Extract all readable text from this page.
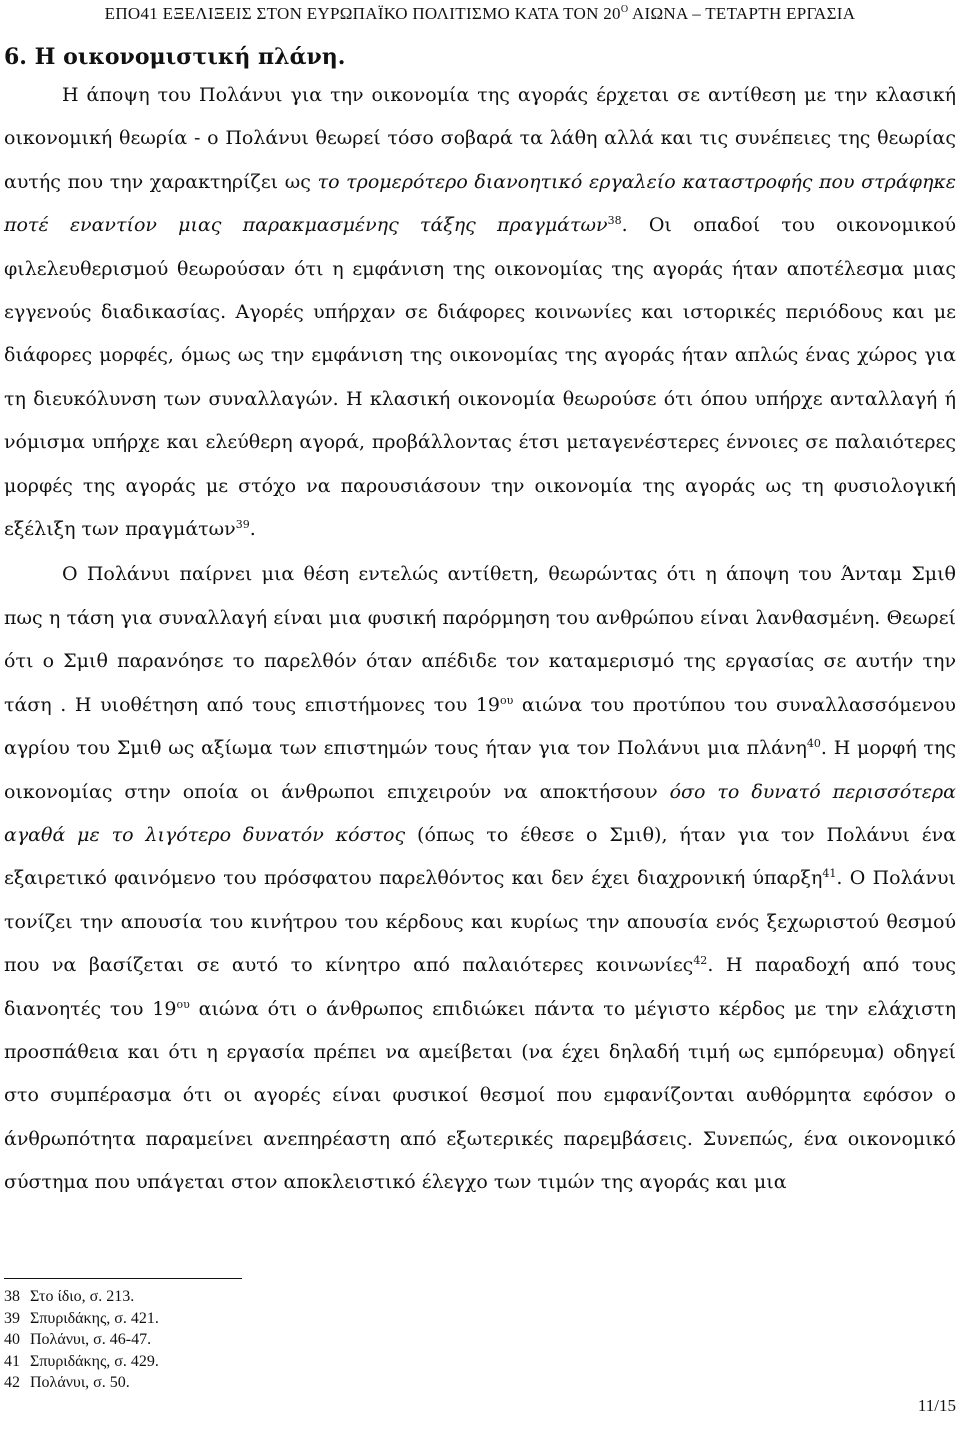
ΕΠΟ41 ΕΞΕΛΙΞΕΙΣ ΣΤΟΝ ΕΥΡΩΠΑΪΚΟ ΠΟΛΙΤΙΣΜΟ ΚΑΤΑ ΤΟΝ $20^O$ ΑΙΩΝΑ – ΤΕΤΑΡΤΗ ΕΡΓΑΣΙΑ
6. Η οικονομιστική πλάνη.

Η άποψη του Πολάνυι για την οικονομία της αγοράς έρχεται σε αντίθεση με την κλασική οικονομική θεωρία - ο Πολάνυι θεωρεί τόσο σοβαρά τα λάθη αλλά και τις συνέπειες της θεωρίας αυτής που την χαρακτηρίζει ως το τρομερότερο διανοητικό εργαλείο καταστροφής που στράφηκε ποτέ εναντίον μιας παρακμασμένης τάξης πραγμάτων$^{38}$. Οι οπαδοί του οικονομικού φιλελευθερισμού θεωρούσαν ότι η εμφάνιση της οικονομίας της αγοράς ήταν αποτέλεσμα μιας εγγενούς διαδικασίας. Αγορές υπήρχαν σε διάφορες κοινωνίες και ιστορικές περιόδους και με διάφορες μορφές, όμως ως την εμφάνιση της οικονομίας της αγοράς ήταν απλώς ένας χώρος για τη διευκόλυνση των συναλλαγών. Η κλασική οικονομία θεωρούσε ότι όπου υπήρχε ανταλλαγή ή νόμισμα υπήρχε και ελεύθερη αγορά, προβάλλοντας έτσι μεταγενέστερες έννοιες σε παλαιότερες μορφές της αγοράς με στόχο να παρουσιάσουν την οικονομία της αγοράς ως τη φυσιολογική εξέλιξη των πραγμάτων$^{39}$.

Ο Πολάνυι παίρνει μια θέση εντελώς αντίθετη, θεωρώντας ότι η άποψη του Άνταμ Σμιθ πως η τάση για συναλλαγή είναι μια φυσική παρόρμηση του ανθρώπου είναι λανθασμένη. Θεωρεί ότι ο Σμιθ παρανόησε το παρελθόν όταν απέδιδε τον καταμερισμό της εργασίας σε αυτήν την τάση . Η υιοθέτηση από τους επιστήμονες του $19^{o\upsilon}$ αιώνα του προτύπου του συναλλασσόμενου αγρίου του Σμιθ ως αξίωμα των επιστημών τους ήταν για τον Πολάνυι μια πλάνη$^{40}$. Η μορφή της οικονομίας στην οποία οι άνθρωποι επιχειρούν να αποκτήσουν όσο το δυνατό περισσότερα αγαθά με το λιγότερο δυνατόν κόστος (όπως το έθεσε ο Σμιθ), ήταν για τον Πολάνυι ένα εξαιρετικό φαινόμενο του πρόσφατου παρελθόντος και δεν έχει διαχρονική ύπαρξη$^{41}$. Ο Πολάνυι τονίζει την απουσία του κινήτρου του κέρδους και κυρίως την απουσία ενός ξεχωριστού θεσμού που να βασίζεται σε αυτό το κίνητρο από παλαιότερες κοινωνίες$^{42}$. Η παραδοχή από τους διανοητές του $19^{o\upsilon}$ αιώνα ότι ο άνθρωπος επιδιώκει πάντα το μέγιστο κέρδος με την ελάχιστη προσπάθεια και ότι η εργασία πρέπει να αμείβεται (να έχει δηλαδή τιμή ως εμπόρευμα) οδηγεί στο συμπέρασμα ότι οι αγορές είναι φυσικοί θεσμοί που εμφανίζονται αυθόρμητα εφόσον ο άνθρωπότητα παραμείνει ανεπηρέαστη από εξωτερικές παρεμβάσεις. Συνεπώς, ένα οικονομικό σύστημα που υπάγεται στον αποκλειστικό έλεγχο των τιμών της αγοράς και μια

38 Στο ίδιο, σ. 213.
39 Σπυριδάκης, σ. 421.
40 Πολάνυι, σ. 46-47.
41 Σπυριδάκης, σ. 429.
42 Πολάνυι, σ. 50.
11/15
